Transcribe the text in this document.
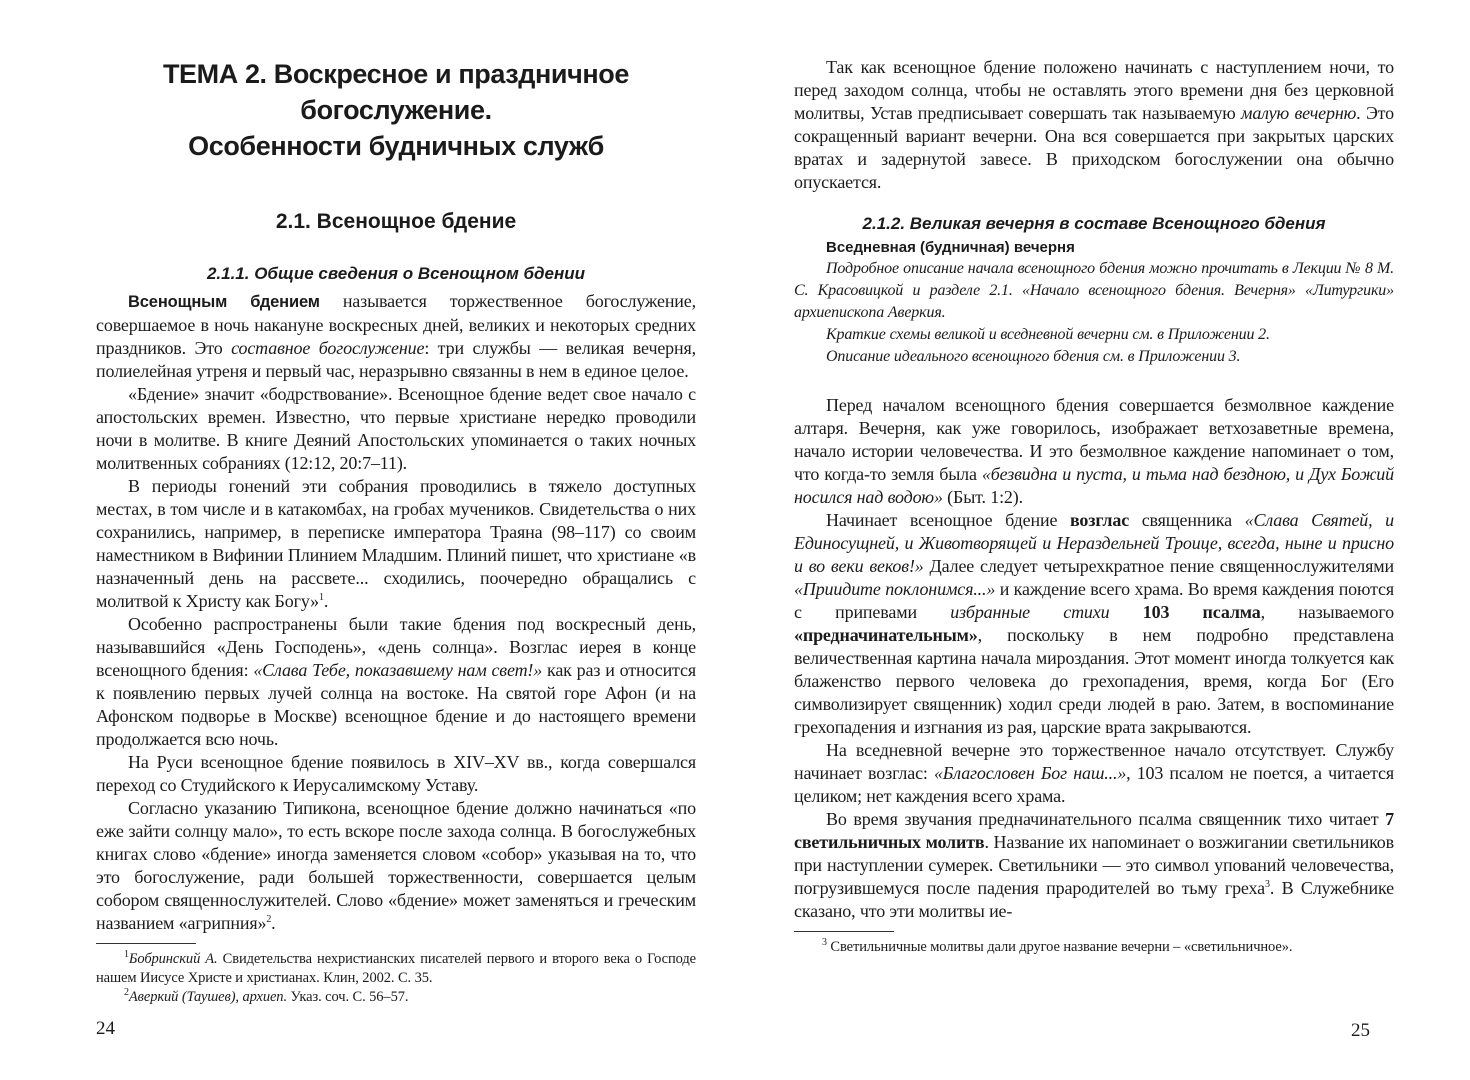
ТЕМА 2. Воскресное и праздничное богослужение.
Особенности будничных служб
2.1. Всенощное бдение
2.1.1. Общие сведения о Всенощном бдении

Всенощным бдением называется торжественное богослужение, совершаемое в ночь накануне воскресных дней, великих и некоторых средних праздников. Это составное богослужение: три службы — великая вечерня, полиелейная утреня и первый час, неразрывно связанны в нем в единое целое.

«Бдение» значит «бодрствование». Всенощное бдение ведет свое начало с апостольских времен. Известно, что первые христиане нередко проводили ночи в молитве. В книге Деяний Апостольских упоминается о таких ночных молитвенных собраниях (12:12, 20:7–11).

В периоды гонений эти собрания проводились в тяжело доступных местах, в том числе и в катакомбах, на гробах мучеников. Свидетельства о них сохранились, например, в переписке императора Траяна (98–117) со своим наместником в Вифинии Плинием Младшим. Плиний пишет, что христиане «в назначенный день на рассвете... сходились, поочередно обращались с молитвой к Христу как Богу»$^1$.

Особенно распространены были такие бдения под воскресный день, называвшийся «День Господень», «день солнца». Возглас иерея в конце всенощного бдения: «Слава Тебе, показавшему нам свет!» как раз и относится к появлению первых лучей солнца на востоке. На святой горе Афон (и на Афонском подворье в Москве) всенощное бдение и до настоящего времени продолжается всю ночь.

На Руси всенощное бдение появилось в XIV–XV вв., когда совершался переход со Студийского к Иерусалимскому Уставу.

Согласно указанию Типикона, всенощное бдение должно начинаться «по еже зайти солнцу мало», то есть вскоре после захода солнца. В богослужебных книгах слово «бдение» иногда заменяется словом «собор» указывая на то, что это богослужение, ради большей торжественности, совершается целым собором священнослужителей. Слово «бдение» может заменяться и греческим названием «агрипния»$^2$.

$^1$Бобринский А. Свидетельства нехристианских писателей первого и второго века о Господе нашем Иисусе Христе и христианах. Клин, 2002. С. 35.

$^2$Аверкий (Таушев), архиеп. Указ. соч. С. 56–57.

24

Так как всенощное бдение положено начинать с наступлением ночи, то перед заходом солнца, чтобы не оставлять этого времени дня без церковной молитвы, Устав предписывает совершать так называемую малую вечерню. Это сокращенный вариант вечерни. Она вся совершается при закрытых царских вратах и задернутой завесе. В приходском богослужении она обычно опускается.

2.1.2. Великая вечерня в составе Всенощного бдения
Вседневная (будничная) вечерня

Подробное описание начала всенощного бдения можно прочитать в Лекции № 8 М. С. Красовицкой и разделе 2.1. «Начало всенощного бдения. Вечерня» «Литургики» архиепископа Аверкия.

Краткие схемы великой и вседневной вечерни см. в Приложении 2.

Описание идеального всенощного бдения см. в Приложении 3.

Перед началом всенощного бдения совершается безмолвное каждение алтаря. Вечерня, как уже говорилось, изображает ветхозаветные времена, начало истории человечества. И это безмолвное каждение напоминает о том, что когда-то земля была «безвидна и пуста, и тьма над бездною, и Дух Божий носился над водою» (Быт. 1:2).

Начинает всенощное бдение возглас священника «Слава Святей, и Единосущней, и Животворящей и Нераздельней Троице, всегда, ныне и присно и во веки веков!» Далее следует четырехкратное пение священнослужителями «Приидите поклонимся...» и каждение всего храма. Во время каждения поются с припевами избранные стихи 103 псалма, называемого «предначинательным», поскольку в нем подробно представлена величественная картина начала мироздания. Этот момент иногда толкуется как блаженство первого человека до грехопадения, время, когда Бог (Его символизирует священник) ходил среди людей в раю. Затем, в воспоминание грехопадения и изгнания из рая, царские врата закрываются.

На вседневной вечерне это торжественное начало отсутствует. Службу начинает возглас: «Благословен Бог наш...», 103 псалом не поется, а читается целиком; нет каждения всего храма.

Во время звучания предначинательного псалма священник тихо читает 7 светильничных молитв. Название их напоминает о возжигании светильников при наступлении сумерек. Светильники — это символ упований человечества, погрузившемуся после падения прародителей во тьму греха$^3$. В Служебнике сказано, что эти молитвы ие-

$^3$ Светильничные молитвы дали другое название вечерни – «светильничное».

25
